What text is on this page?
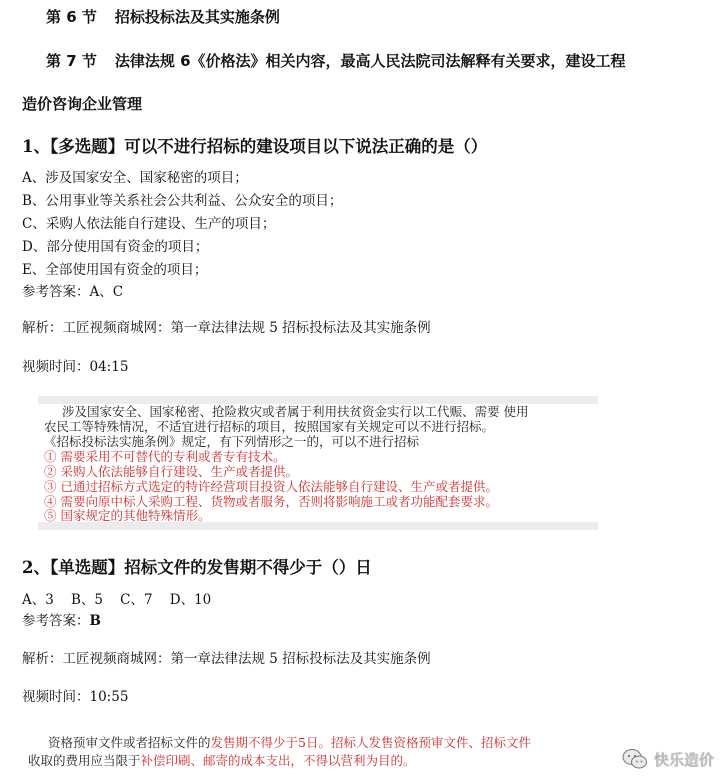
第 6 节 招标投标法及其实施条例
第 7 节 法律法规 6《价格法》相关内容，最高人民法院司法解释有关要求，建设工程
造价咨询企业管理
1、【多选题】可以不进行招标的建设项目以下说法正确的是（）
A、涉及国家安全、国家秘密的项目；
B、公用事业等关系社会公共利益、公众安全的项目；
C、采购人依法能自行建设、生产的项目；
D、部分使用国有资金的项目；
E、全部使用国有资金的项目；
参考答案：A、C
解析：工匠视频商城网：第一章法律法规 5 招标投标法及其实施条例
视频时间：04:15
涉及国家安全、国家秘密、抢险救灾或者属于利用扶贫资金实行以工代赈、需要 使用
农民工等特殊情况，不适宜进行招标的项目，按照国家有关规定可以不进行招标。
《招标投标法实施条例》规定，有下列情形之一的，可以不进行招标
① 需要采用不可替代的专利或者专有技术。
② 采购人依法能够自行建设、生产或者提供。
③ 已通过招标方式选定的特许经营项目投资人依法能够自行建设、生产或者提供。
④ 需要向原中标人采购工程、货物或者服务，否则将影响施工或者功能配套要求。
⑤ 国家规定的其他特殊情形。
2、【单选题】招标文件的发售期不得少于（）日
A、3    B、5    C、7    D、10
参考答案：B
解析：工匠视频商城网：第一章法律法规 5 招标投标法及其实施条例
视频时间：10:55
资格预审文件或者招标文件的发售期不得少于5日。招标人发售资格预审文件、招标文件
收取的费用应当限于补偿印刷、邮寄的成本支出，不得以营利为目的。	快乐造价
